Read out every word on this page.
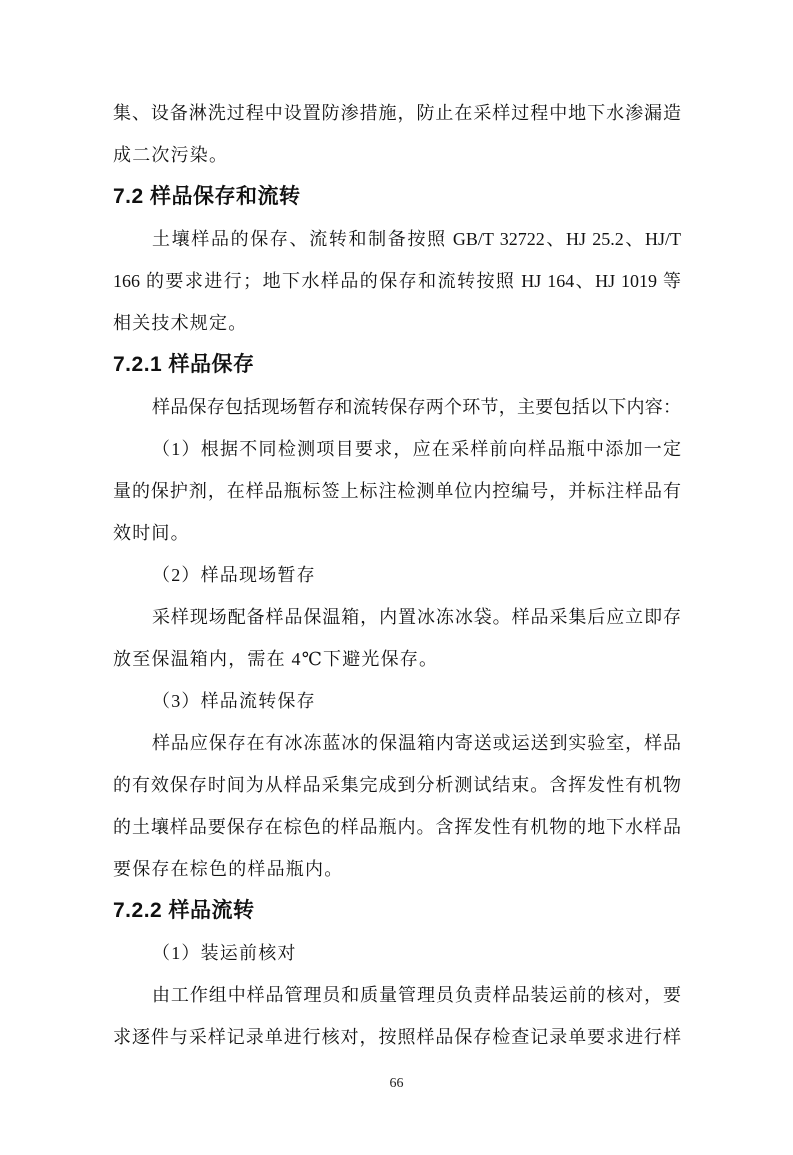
集、设备淋洗过程中设置防渗措施，防止在采样过程中地下水渗漏造
成二次污染。
7.2 样品保存和流转
土壤样品的保存、流转和制备按照 GB/T 32722、HJ 25.2、HJ/T
166 的要求进行；地下水样品的保存和流转按照 HJ 164、HJ 1019 等
相关技术规定。
7.2.1 样品保存
样品保存包括现场暂存和流转保存两个环节，主要包括以下内容：
（1）根据不同检测项目要求，应在采样前向样品瓶中添加一定
量的保护剂，在样品瓶标签上标注检测单位内控编号，并标注样品有
效时间。
（2）样品现场暂存
采样现场配备样品保温箱，内置冰冻冰袋。样品采集后应立即存
放至保温箱内，需在 4℃下避光保存。
（3）样品流转保存
样品应保存在有冰冻蓝冰的保温箱内寄送或运送到实验室，样品
的有效保存时间为从样品采集完成到分析测试结束。含挥发性有机物
的土壤样品要保存在棕色的样品瓶内。含挥发性有机物的地下水样品
要保存在棕色的样品瓶内。
7.2.2 样品流转
（1）装运前核对
由工作组中样品管理员和质量管理员负责样品装运前的核对，要
求逐件与采样记录单进行核对，按照样品保存检查记录单要求进行样
66
